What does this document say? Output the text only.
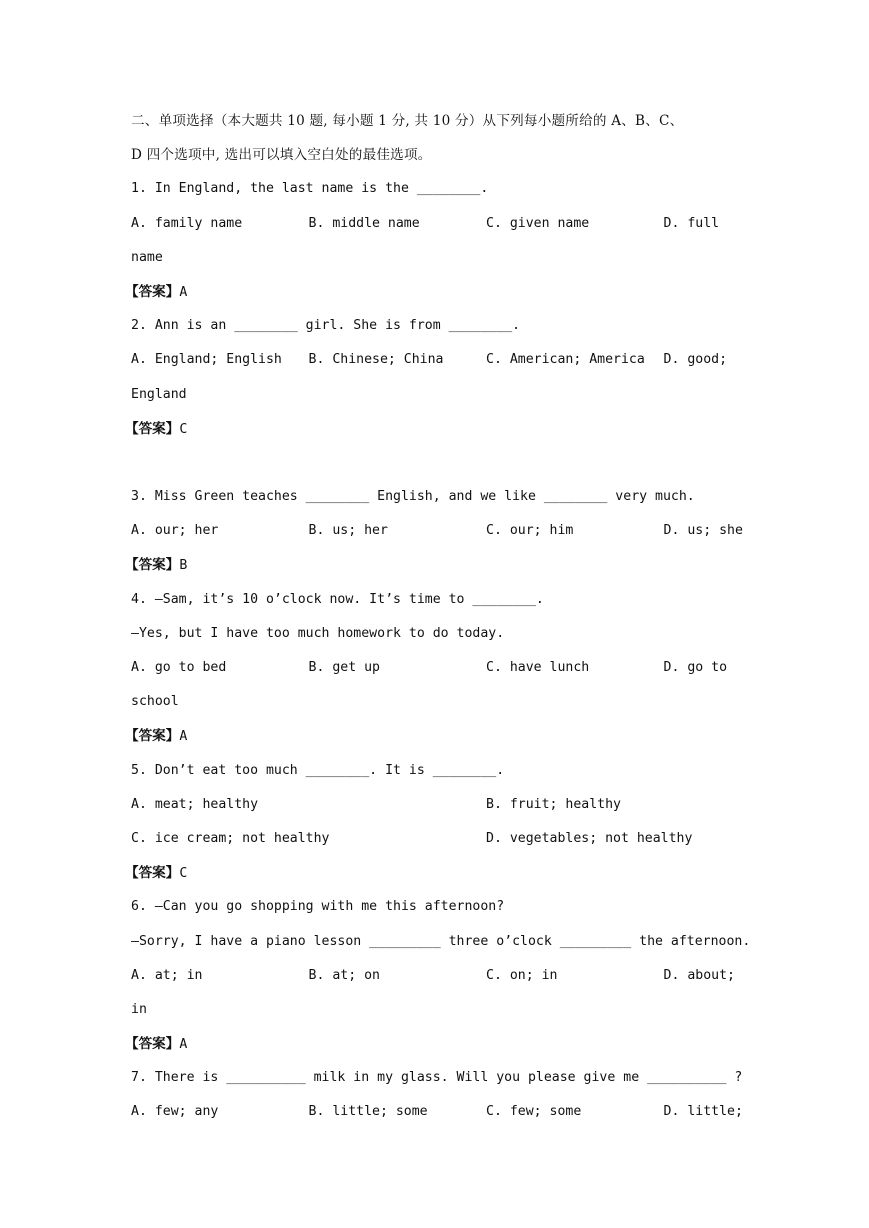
二、单项选择（本大题共 10 题, 每小题 1 分, 共 10 分）从下列每小题所给的 A、B、C、
D 四个选项中, 选出可以填入空白处的最佳选项。
1. In England, the last name is the ________.
A. family name	B. middle name	C. given name	D. full
name
【答案】A
2. Ann is an ________ girl. She is from ________.
A. England; English	B. Chinese; China	C. American; America	D. good;
England
【答案】C
3. Miss Green teaches ________ English, and we like ________ very much.
A. our; her	B. us; her	C. our; him	D. us; she
【答案】B
4. —Sam, it’s 10 o’clock now. It’s time to ________.
—Yes, but I have too much homework to do today.
A. go to bed	B. get up	C. have lunch	D. go to
school
【答案】A
5. Don’t eat too much ________. It is ________.
A. meat; healthy	B. fruit; healthy
C. ice cream; not healthy	D. vegetables; not healthy
【答案】C
6. —Can you go shopping with me this afternoon?
—Sorry, I have a piano lesson _________ three o’clock _________ the afternoon.
A. at; in	B. at; on	C. on; in	D. about;
in
【答案】A
7. There is __________ milk in my glass. Will you please give me __________ ?
A. few; any	B. little; some	C. few; some	D. little;
